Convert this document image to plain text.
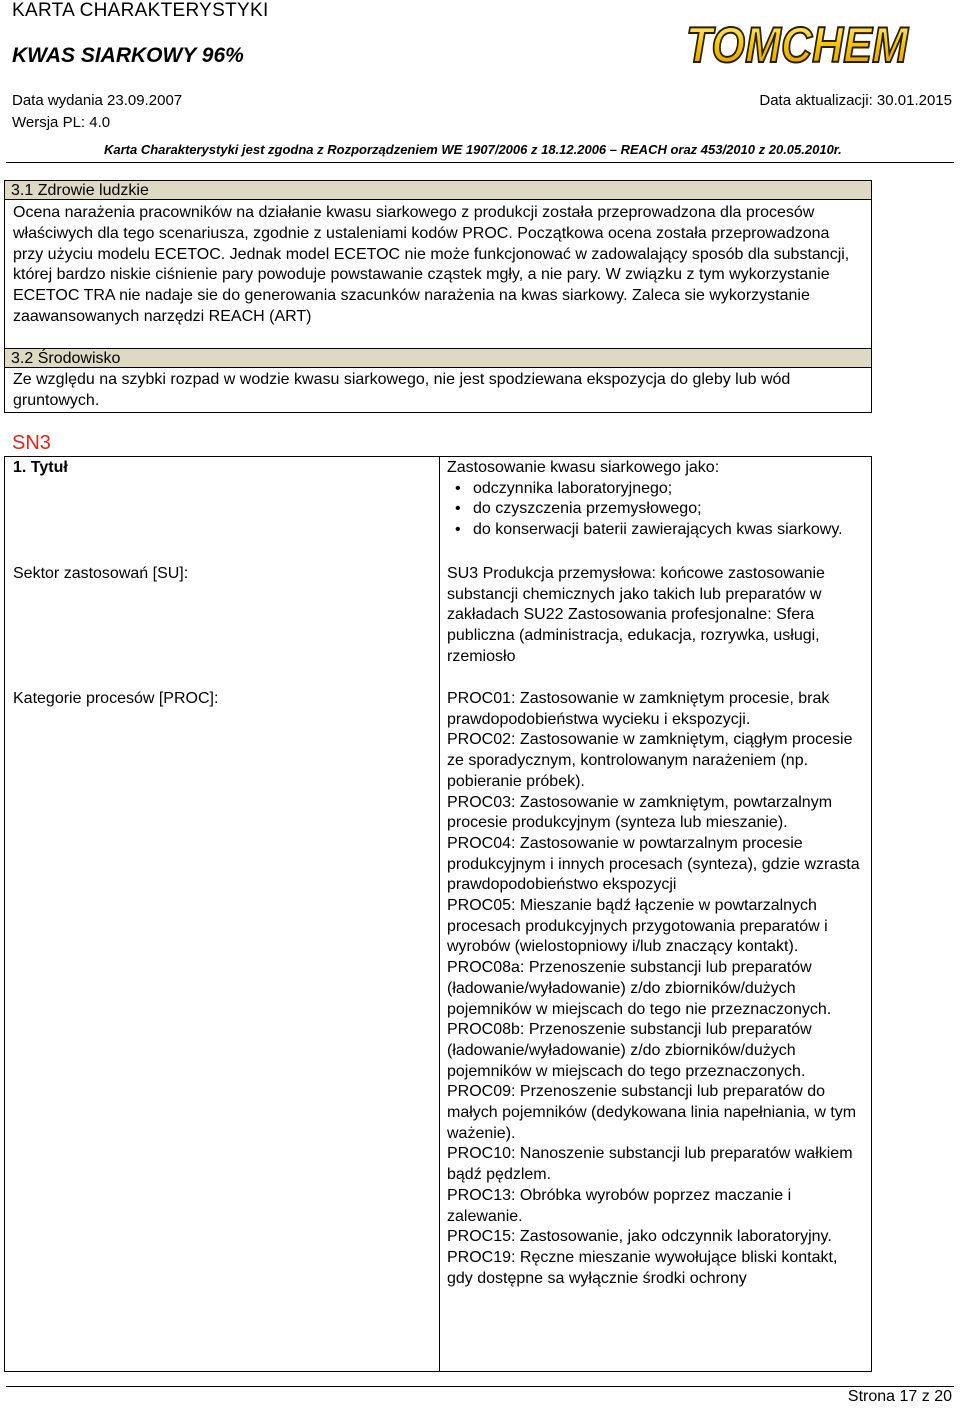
KARTA CHARAKTERYSTYKI
KWAS SIARKOWY 96%	TOMCHEM
Data wydania 23.09.2007
Wersja PL: 4.0
Data aktualizacji: 30.01.2015
Karta Charakterystyki jest zgodna z Rozporządzeniem WE 1907/2006 z 18.12.2006 – REACH oraz 453/2010 z 20.05.2010r.
3.1 Zdrowie ludzkie
Ocena narażenia pracowników na działanie kwasu siarkowego z produkcji została przeprowadzona dla procesów właściwych dla tego scenariusza, zgodnie z ustaleniami kodów PROC. Początkowa ocena została przeprowadzona przy użyciu modelu ECETOC. Jednak model ECETOC nie może funkcjonować w zadowalający sposób dla substancji, której bardzo niskie ciśnienie pary powoduje powstawanie cząstek mgły, a nie pary. W związku z tym wykorzystanie ECETOC TRA nie nadaje sie do generowania szacunków narażenia na kwas siarkowy. Zaleca sie wykorzystanie zaawansowanych narzędzi REACH (ART)
3.2 Środowisko
Ze względu na szybki rozpad w wodzie kwasu siarkowego, nie jest spodziewana ekspozycja do gleby lub wód gruntowych.
SN3
1. Tytuł	Zastosowanie kwasu siarkowego jako:
• odczynnika laboratoryjnego;
• do czyszczenia przemysłowego;
• do konserwacji baterii zawierających kwas siarkowy.
Sektor zastosowań [SU]:	SU3 Produkcja przemysłowa: końcowe zastosowanie substancji chemicznych jako takich lub preparatów w zakładach SU22 Zastosowania profesjonalne: Sfera publiczna (administracja, edukacja, rozrywka, usługi, rzemiosło
Kategorie procesów [PROC]:	PROC01: Zastosowanie w zamkniętym procesie, brak prawdopodobieństwa wycieku i ekspozycji.
PROC02: Zastosowanie w zamkniętym, ciągłym procesie ze sporadycznym, kontrolowanym narażeniem (np. pobieranie próbek).
PROC03: Zastosowanie w zamkniętym, powtarzalnym procesie produkcyjnym (synteza lub mieszanie).
PROC04: Zastosowanie w powtarzalnym procesie produkcyjnym i innych procesach (synteza), gdzie wzrasta prawdopodobieństwo ekspozycji
PROC05: Mieszanie bądź łączenie w powtarzalnych procesach produkcyjnych przygotowania preparatów i wyrobów (wielostopniowy i/lub znaczący kontakt).
PROC08a: Przenoszenie substancji lub preparatów (ładowanie/wyładowanie) z/do zbiorników/dużych pojemników w miejscach do tego nie przeznaczonych.
PROC08b: Przenoszenie substancji lub preparatów (ładowanie/wyładowanie) z/do zbiorników/dużych pojemników w miejscach do tego przeznaczonych.
PROC09: Przenoszenie substancji lub preparatów do małych pojemników (dedykowana linia napełniania, w tym ważenie).
PROC10: Nanoszenie substancji lub preparatów wałkiem bądź pędzlem.
PROC13: Obróbka wyrobów poprzez maczanie i zalewanie.
PROC15: Zastosowanie, jako odczynnik laboratoryjny.
PROC19: Ręczne mieszanie wywołujące bliski kontakt, gdy dostępne sa wyłącznie środki ochrony
Strona 17 z 20
